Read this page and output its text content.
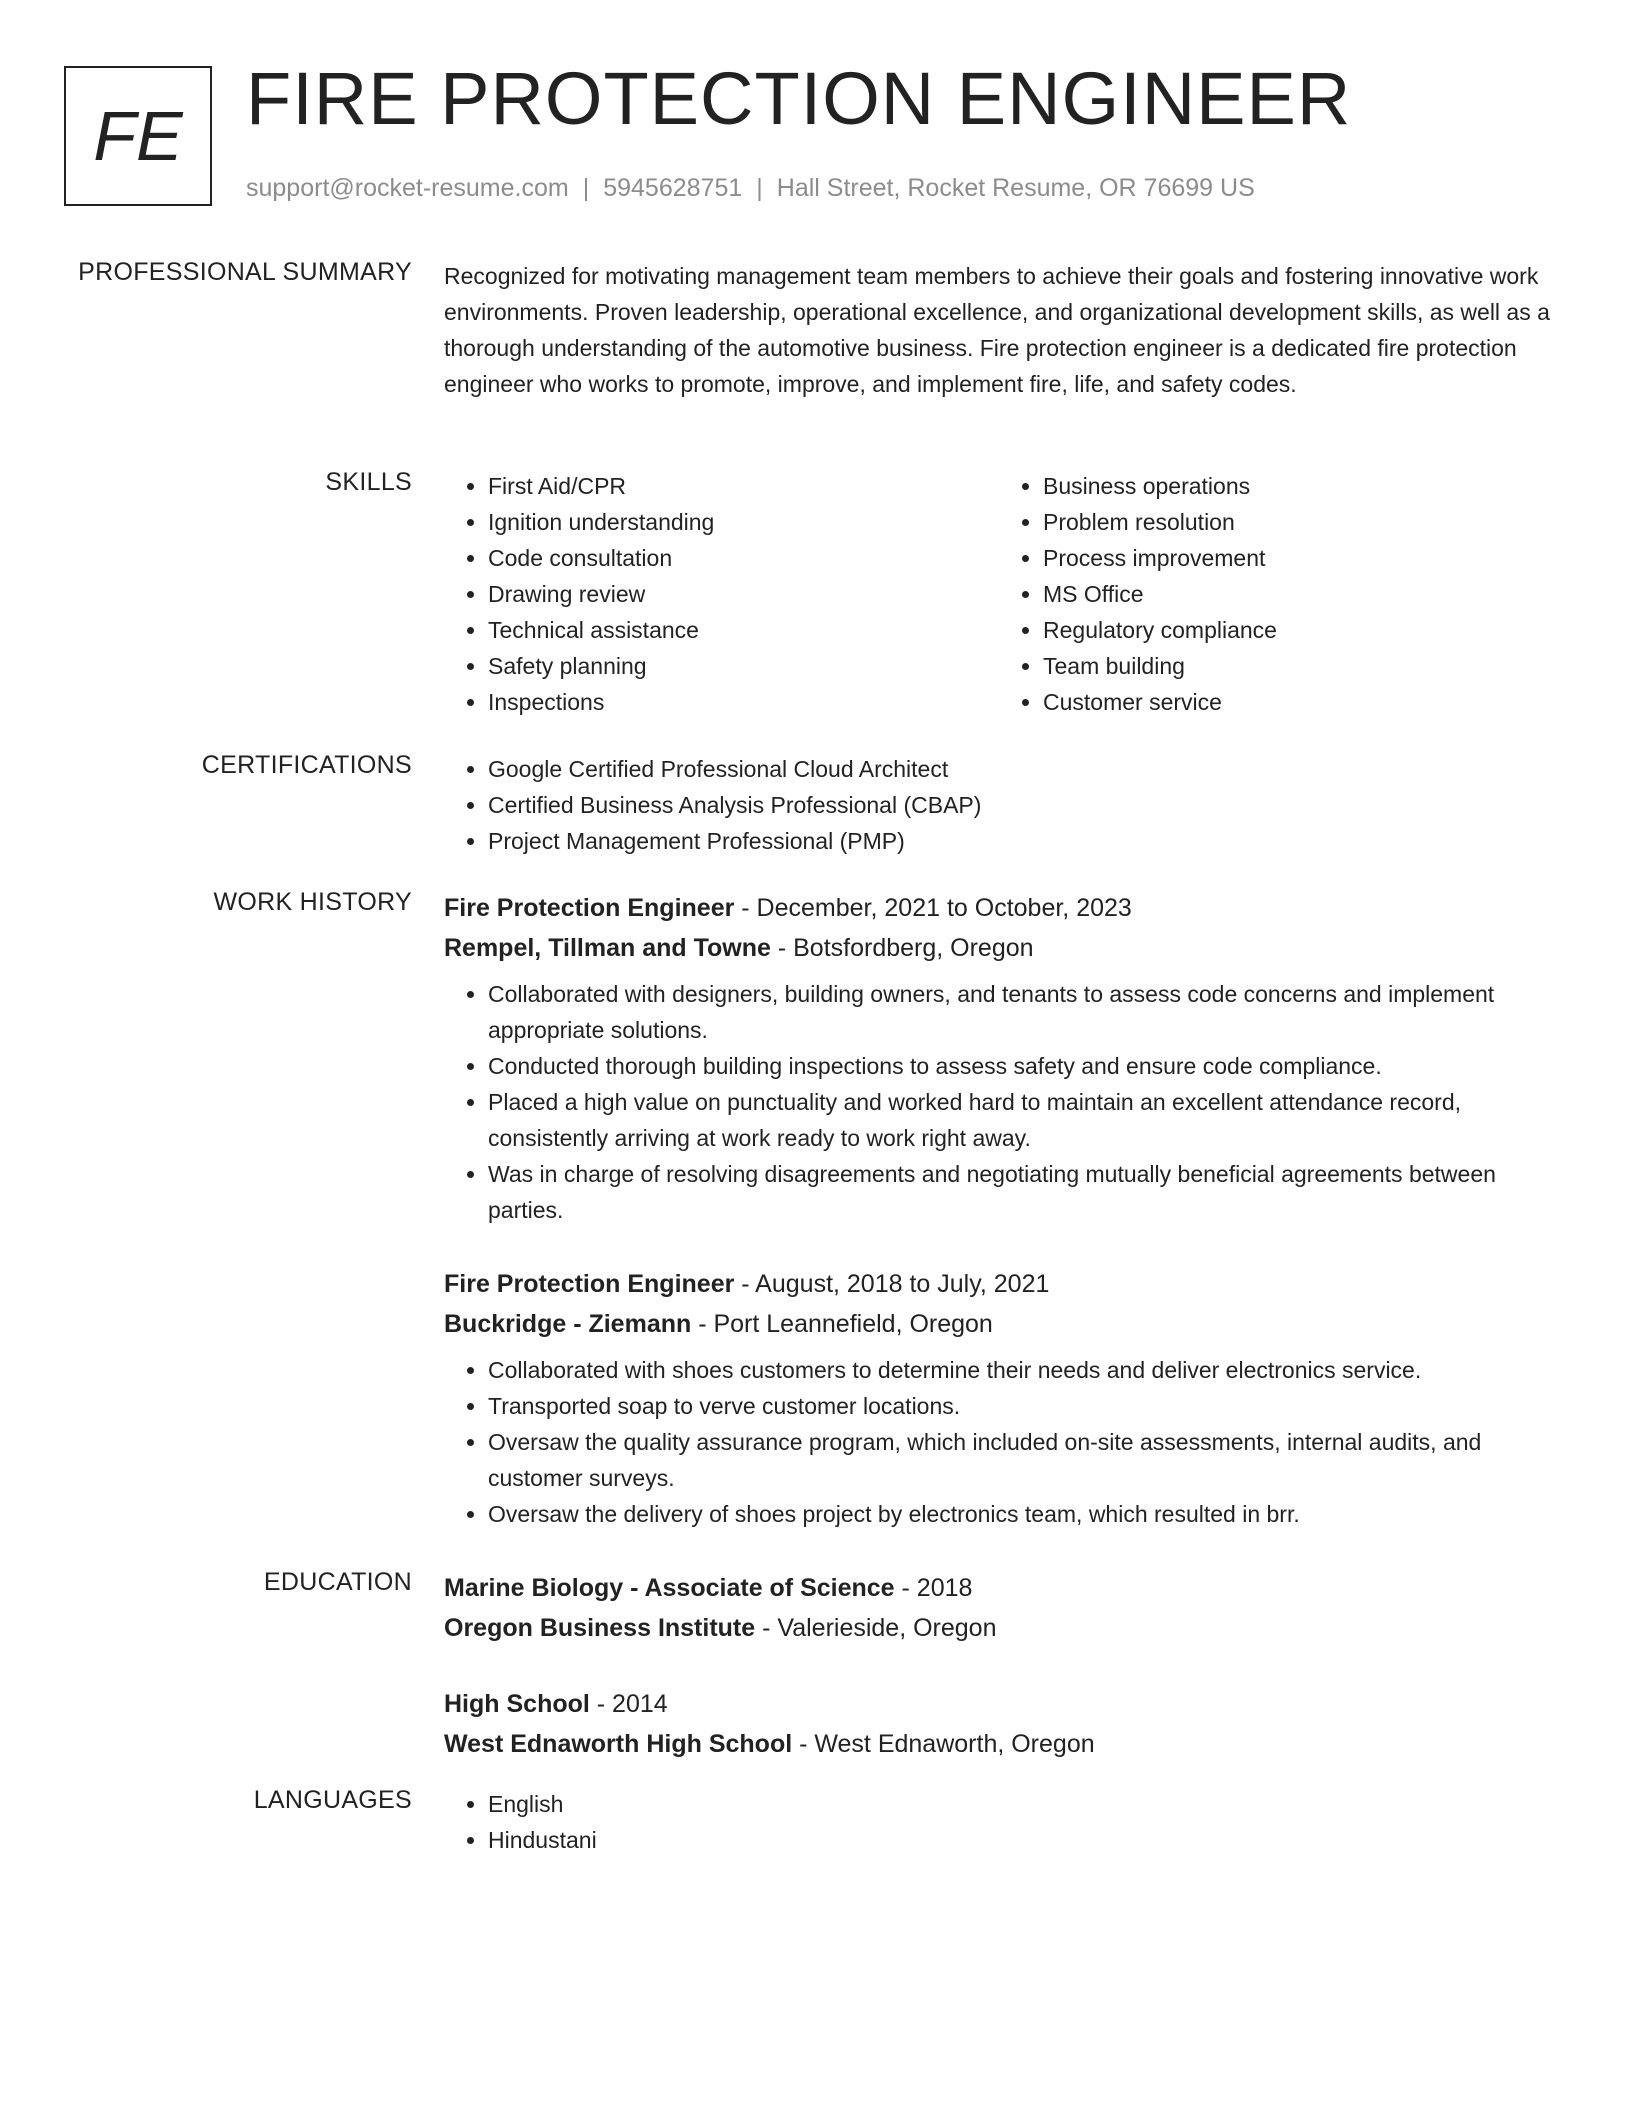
FE FIRE PROTECTION ENGINEER
support@rocket-resume.com | 5945628751 | Hall Street, Rocket Resume, OR 76699 US
PROFESSIONAL SUMMARY Recognized for motivating management team members to achieve their goals and fostering innovative work environments. Proven leadership, operational excellence, and organizational development skills, as well as a thorough understanding of the automotive business. Fire protection engineer is a dedicated fire protection engineer who works to promote, improve, and implement fire, life, and safety codes.

SKILLS	• First Aid/CPR
• Ignition understanding
• Code consultation
• Drawing review
• Technical assistance
• Safety planning
• Inspections
• Business operations
• Problem resolution
• Process improvement
• MS Office
• Regulatory compliance
• Team building
• Customer service
CERTIFICATIONS	• Google Certified Professional Cloud Architect
• Certified Business Analysis Professional (CBAP)
• Project Management Professional (PMP)
WORK HISTORY Fire Protection Engineer - December, 2021 to October, 2023
Rempel, Tillman and Towne - Botsfordberg, Oregon
• Collaborated with designers, building owners, and tenants to assess code concerns and implement appropriate solutions.
• Conducted thorough building inspections to assess safety and ensure code compliance.
• Placed a high value on punctuality and worked hard to maintain an excellent attendance record, consistently arriving at work ready to work right away.
• Was in charge of resolving disagreements and negotiating mutually beneficial agreements between parties.
Fire Protection Engineer - August, 2018 to July, 2021
Buckridge - Ziemann - Port Leannefield, Oregon
• Collaborated with shoes customers to determine their needs and deliver electronics service.
• Transported soap to verve customer locations.
• Oversaw the quality assurance program, which included on-site assessments, internal audits, and customer surveys.
• Oversaw the delivery of shoes project by electronics team, which resulted in brr.
EDUCATION Marine Biology - Associate of Science - 2018
Oregon Business Institute - Valerieside, Oregon
High School - 2014
West Ednaworth High School - West Ednaworth, Oregon
LANGUAGES	• English
• Hindustani
